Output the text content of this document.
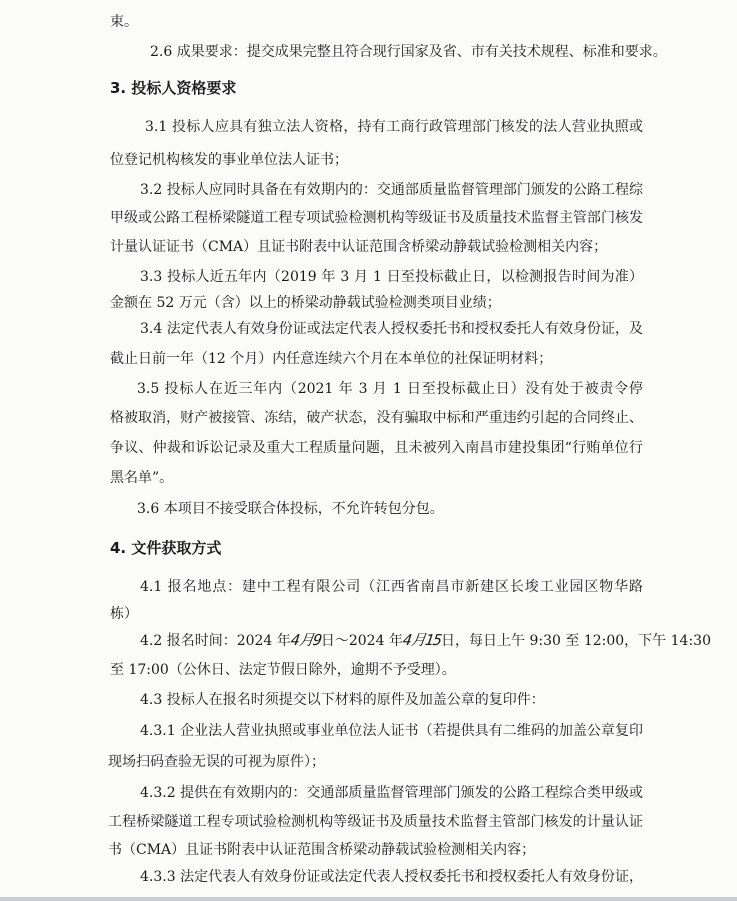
束。
2.6 成果要求：提交成果完整且符合现行国家及省、市有关技术规程、标准和要求。
3. 投标人资格要求
3.1 投标人应具有独立法人资格，持有工商行政管理部门核发的法人营业执照或
位登记机构核发的事业单位法人证书；
3.2 投标人应同时具备在有效期内的：交通部质量监督管理部门颁发的公路工程综
甲级或公路工程桥梁隧道工程专项试验检测机构等级证书及质量技术监督主管部门核发
计量认证证书（CMA）且证书附表中认证范围含桥梁动静载试验检测相关内容；
3.3 投标人近五年内（2019 年 3 月 1 日至投标截止日，以检测报告时间为准）
金额在 52 万元（含）以上的桥梁动静载试验检测类项目业绩；
3.4 法定代表人有效身份证或法定代表人授权委托书和授权委托人有效身份证，及
截止日前一年（12 个月）内任意连续六个月在本单位的社保证明材料；
3.5 投标人在近三年内（2021 年 3 月 1 日至投标截止日）没有处于被责令停
格被取消，财产被接管、冻结，破产状态，没有骗取中标和严重违约引起的合同终止、
争议、仲裁和诉讼记录及重大工程质量问题，且未被列入南昌市建投集团“行贿单位行
黑名单”。
3.6 本项目不接受联合体投标，不允许转包分包。
4. 文件获取方式
4.1 报名地点：建中工程有限公司（江西省南昌市新建区长埈工业园区物华路
栋）
4.2 报名时间：2024 年
4月9
日～2024 年
4月15
日，每日上午 9:30 至 12:00，下午 14:30
至 17:00（公休日、法定节假日除外，逾期不予受理）。
4.3 投标人在报名时须提交以下材料的原件及加盖公章的复印件：
4.3.1 企业法人营业执照或事业单位法人证书（若提供具有二维码的加盖公章复印
现场扫码查验无误的可视为原件）；
4.3.2 提供在有效期内的：交通部质量监督管理部门颁发的公路工程综合类甲级或
工程桥梁隧道工程专项试验检测机构等级证书及质量技术监督主管部门核发的计量认证
书（CMA）且证书附表中认证范围含桥梁动静载试验检测相关内容；
4.3.3 法定代表人有效身份证或法定代表人授权委托书和授权委托人有效身份证，
